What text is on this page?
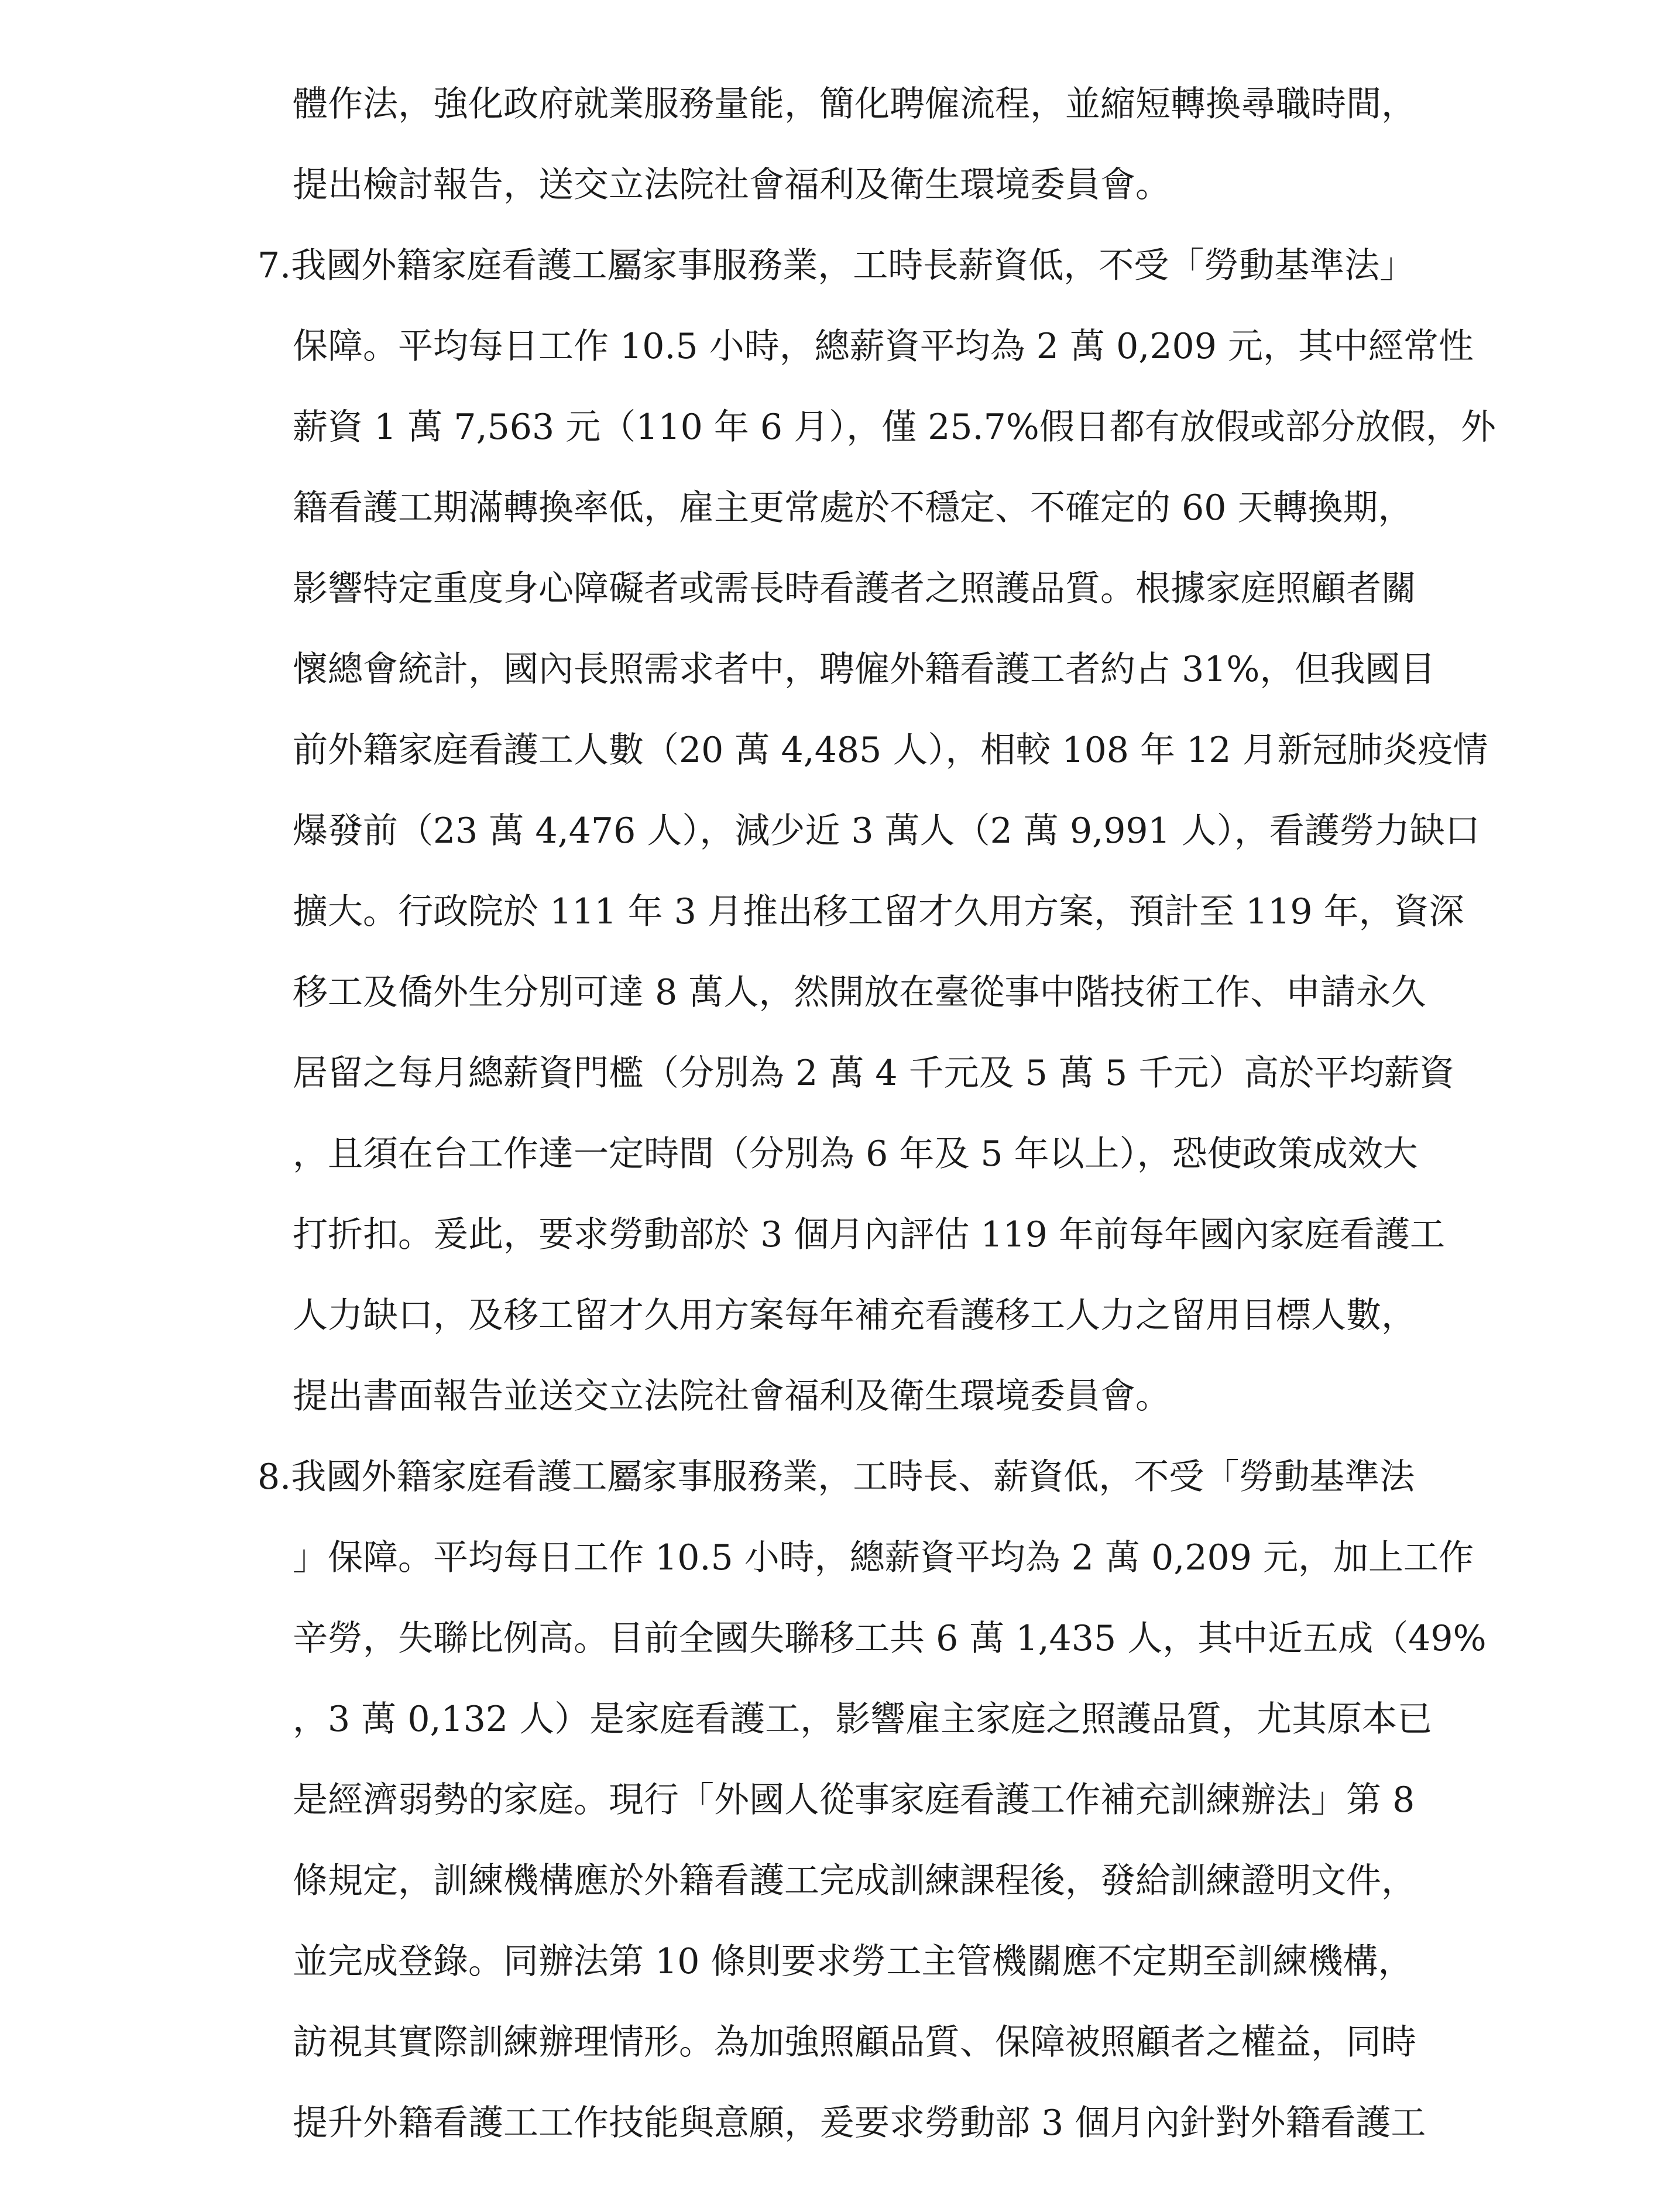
體作法，強化政府就業服務量能，簡化聘僱流程，並縮短轉換尋職時間，
提出檢討報告，送交立法院社會福利及衛生環境委員會。
7.我國外籍家庭看護工屬家事服務業，工時長薪資低，不受「勞動基準法」
保障。平均每日工作 10.5 小時，總薪資平均為 2 萬 0,209 元，其中經常性
薪資 1 萬 7,563 元（110 年 6 月），僅 25.7%假日都有放假或部分放假，外
籍看護工期滿轉換率低，雇主更常處於不穩定、不確定的 60 天轉換期，
影響特定重度身心障礙者或需長時看護者之照護品質。根據家庭照顧者關
懷總會統計，國內長照需求者中，聘僱外籍看護工者約占 31%，但我國目
前外籍家庭看護工人數（20 萬 4,485 人），相較 108 年 12 月新冠肺炎疫情
爆發前（23 萬 4,476 人），減少近 3 萬人（2 萬 9,991 人），看護勞力缺口
擴大。行政院於 111 年 3 月推出移工留才久用方案，預計至 119 年，資深
移工及僑外生分別可達 8 萬人，然開放在臺從事中階技術工作、申請永久
居留之每月總薪資門檻（分別為 2 萬 4 千元及 5 萬 5 千元）高於平均薪資
，且須在台工作達一定時間（分別為 6 年及 5 年以上），恐使政策成效大
打折扣。爰此，要求勞動部於 3 個月內評估 119 年前每年國內家庭看護工
人力缺口，及移工留才久用方案每年補充看護移工人力之留用目標人數，
提出書面報告並送交立法院社會福利及衛生環境委員會。
8.我國外籍家庭看護工屬家事服務業，工時長、薪資低，不受「勞動基準法
」保障。平均每日工作 10.5 小時，總薪資平均為 2 萬 0,209 元，加上工作
辛勞，失聯比例高。目前全國失聯移工共 6 萬 1,435 人，其中近五成（49%
，3 萬 0,132 人）是家庭看護工，影響雇主家庭之照護品質，尤其原本已
是經濟弱勢的家庭。現行「外國人從事家庭看護工作補充訓練辦法」第 8
條規定，訓練機構應於外籍看護工完成訓練課程後，發給訓練證明文件，
並完成登錄。同辦法第 10 條則要求勞工主管機關應不定期至訓練機構，
訪視其實際訓練辦理情形。為加強照顧品質、保障被照顧者之權益，同時
提升外籍看護工工作技能與意願，爰要求勞動部 3 個月內針對外籍看護工
